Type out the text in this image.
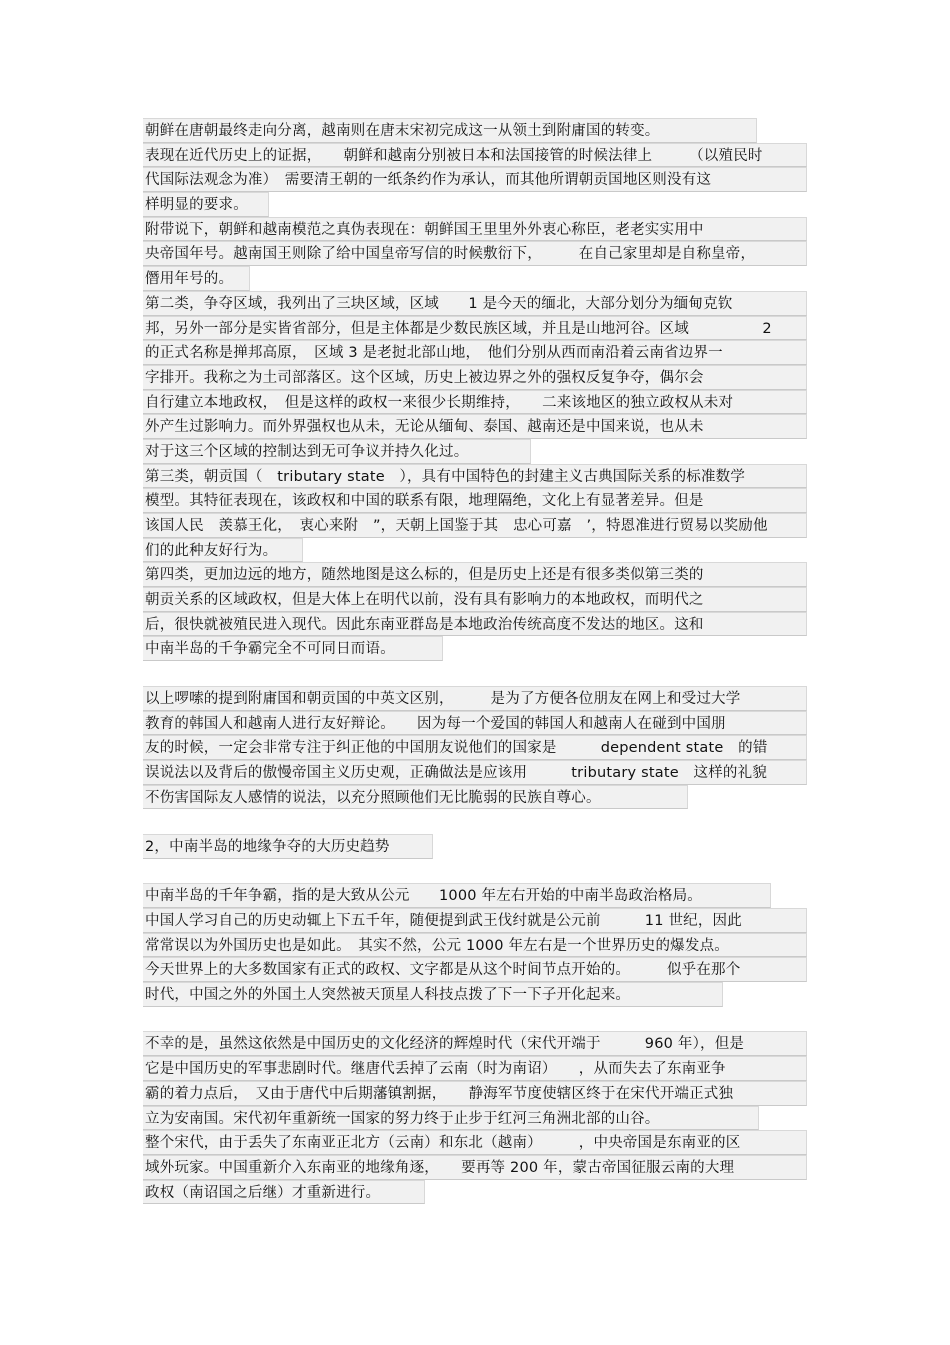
朝鲜在唐朝最终走向分离，越南则在唐末宋初完成这一从领土到附庸国的转变。
表现在近代历史上的证据，　　朝鲜和越南分别被日本和法国接管的时候法律上　　　（以殖民时
代国际法观念为准）　需要清王朝的一纸条约作为承认，而其他所谓朝贡国地区则没有这
样明显的要求。
附带说下，朝鲜和越南模范之真伪表现在：朝鲜国王里里外外衷心称臣，老老实实用中
央帝国年号。越南国王则除了给中国皇帝写信的时候敷衍下，　　　在自己家里却是自称皇帝，
僭用年号的。
第二类，争夺区域，我列出了三块区域，区域　　1 是今天的缅北，大部分划分为缅甸克钦
邦，另外一部分是实皆省部分，但是主体都是少数民族区域，并且是山地河谷。区域　　　　　2
的正式名称是掸邦高原，　区域 3 是老挝北部山地，　他们分别从西而南沿着云南省边界一
字排开。我称之为土司部落区。这个区域，历史上被边界之外的强权反复争夺，偶尔会
自行建立本地政权，　但是这样的政权一来很少长期维持，　　二来该地区的独立政权从未对
外产生过影响力。而外界强权也从未，无论从缅甸、泰国、越南还是中国来说，也从未
对于这三个区域的控制达到无可争议并持久化过。
第三类，朝贡国（　tributary state　），具有中国特色的封建主义古典国际关系的标准数学
模型。其特征表现在，该政权和中国的联系有限，地理隔绝，文化上有显著差异。但是
该国人民　羡慕王化，　衷心来附　”，天朝上国鉴于其　忠心可嘉　’，特恩准进行贸易以奖励他
们的此种友好行为。
第四类，更加边远的地方，随然地图是这么标的，但是历史上还是有很多类似第三类的
朝贡关系的区域政权，但是大体上在明代以前，没有具有影响力的本地政权，而明代之
后，很快就被殖民进入现代。因此东南亚群岛是本地政治传统高度不发达的地区。这和
中南半岛的千争霸完全不可同日而语。
以上啰嗦的提到附庸国和朝贡国的中英文区别，　　　是为了方便各位朋友在网上和受过大学
教育的韩国人和越南人进行友好辩论。　　因为每一个爱国的韩国人和越南人在碰到中国朋
友的时候，一定会非常专注于纠正他的中国朋友说他们的国家是　　　dependent state　的错
误说法以及背后的傲慢帝国主义历史观，正确做法是应该用　　　tributary state　这样的礼貌
不伤害国际友人感情的说法，以充分照顾他们无比脆弱的民族自尊心。
2，中南半岛的地缘争夺的大历史趋势
中南半岛的千年争霸，指的是大致从公元　　1000 年左右开始的中南半岛政治格局。
中国人学习自己的历史动辄上下五千年，随便提到武王伐纣就是公元前　　　11 世纪，因此
常常误以为外国历史也是如此。　其实不然，公元 1000 年左右是一个世界历史的爆发点。
今天世界上的大多数国家有正式的政权、文字都是从这个时间节点开始的。　　　似乎在那个
时代，中国之外的外国土人突然被天顶星人科技点拨了下一下子开化起来。
不幸的是，虽然这依然是中国历史的文化经济的辉煌时代（宋代开端于　　　960 年），但是
它是中国历史的军事悲剧时代。继唐代丢掉了云南（时为南诏）　　，从而失去了东南亚争
霸的着力点后，　又由于唐代中后期藩镇割据，　　静海军节度使辖区终于在宋代开端正式独
立为安南国。宋代初年重新统一国家的努力终于止步于红河三角洲北部的山谷。
整个宋代，由于丢失了东南亚正北方（云南）和东北（越南）　　　，中央帝国是东南亚的区
域外玩家。中国重新介入东南亚的地缘角逐，　　要再等 200 年，蒙古帝国征服云南的大理
政权（南诏国之后继）才重新进行。
